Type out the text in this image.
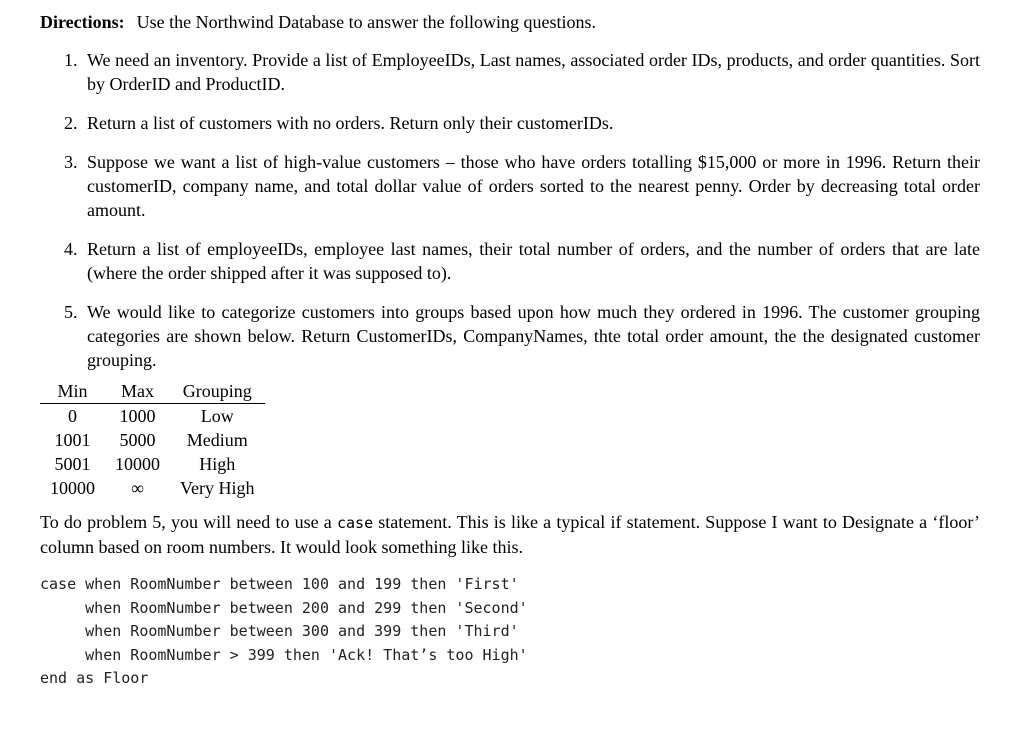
Directions: Use the Northwind Database to answer the following questions.

1. We need an inventory. Provide a list of EmployeeIDs, Last names, associated order IDs, products, and order quantities. Sort by OrderID and ProductID.
2. Return a list of customers with no orders. Return only their customerIDs.
3. Suppose we want a list of high-value customers – those who have orders totalling $15,000 or more in 1996. Return their customerID, company name, and total dollar value of orders sorted to the nearest penny. Order by decreasing total order amount.
4. Return a list of employeeIDs, employee last names, their total number of orders, and the number of orders that are late (where the order shipped after it was supposed to).
5. We would like to categorize customers into groups based upon how much they ordered in 1996. The customer grouping categories are shown below. Return CustomerIDs, CompanyNames, thte total order amount, the the designated customer grouping.
Min	Max	Grouping
0	1000	Low
1001	5000	Medium
5001	10000	High
10000	∞	Very High

To do problem 5, you will need to use a case statement. This is like a typical if statement. Suppose I want to Designate a ‘floor’ column based on room numbers. It would look something like this.

case when RoomNumber between 100 and 199 then 'First'
when RoomNumber between 200 and 299 then 'Second'
when RoomNumber between 300 and 399 then 'Third'
when RoomNumber > 399 then 'Ack! That’s too High'
end as Floor
